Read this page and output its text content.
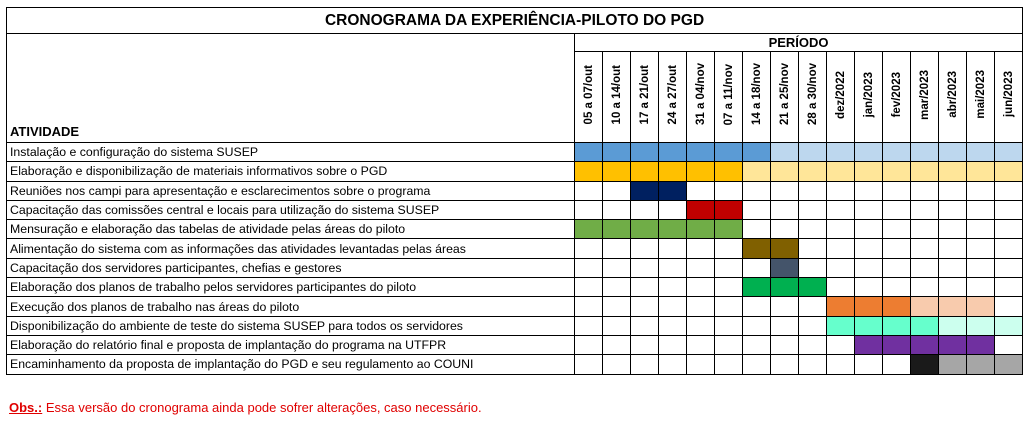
CRONOGRAMA DA EXPERIÊNCIA-PILOTO DO PGD																
ATIVIDADE	PERÍODO															
	05 a 07/out	10 a 14/out	17 a 21/out	24 a 27/out	31 a 04/nov	07 a 11/nov	14 a 18/nov	21 a 25/nov	28 a 30/nov	dez/2022	jan/2023	fev/2023	mar/2023	abr/2023	mai/2023	jun/2023
Instalação e configuração do sistema SUSEP																
Elaboração e disponibilização de materiais informativos sobre o PGD																
Reuniões nos campi para apresentação e esclarecimentos sobre o programa																
Capacitação das comissões central e locais para utilização do sistema SUSEP																
Mensuração e elaboração das tabelas de atividade pelas áreas do piloto																
Alimentação do sistema com as informações das atividades levantadas pelas áreas																
Capacitação dos servidores participantes, chefias e gestores																
Elaboração dos planos de trabalho pelos servidores participantes do piloto																
Execução dos planos de trabalho nas áreas do piloto																
Disponibilização do ambiente de teste do sistema SUSEP para todos os servidores																
Elaboração do relatório final e proposta de implantação do programa na UTFPR																
Encaminhamento da proposta de implantação do PGD e seu regulamento ao COUNI																
Obs.: Essa versão do cronograma ainda pode sofrer alterações, caso necessário.
